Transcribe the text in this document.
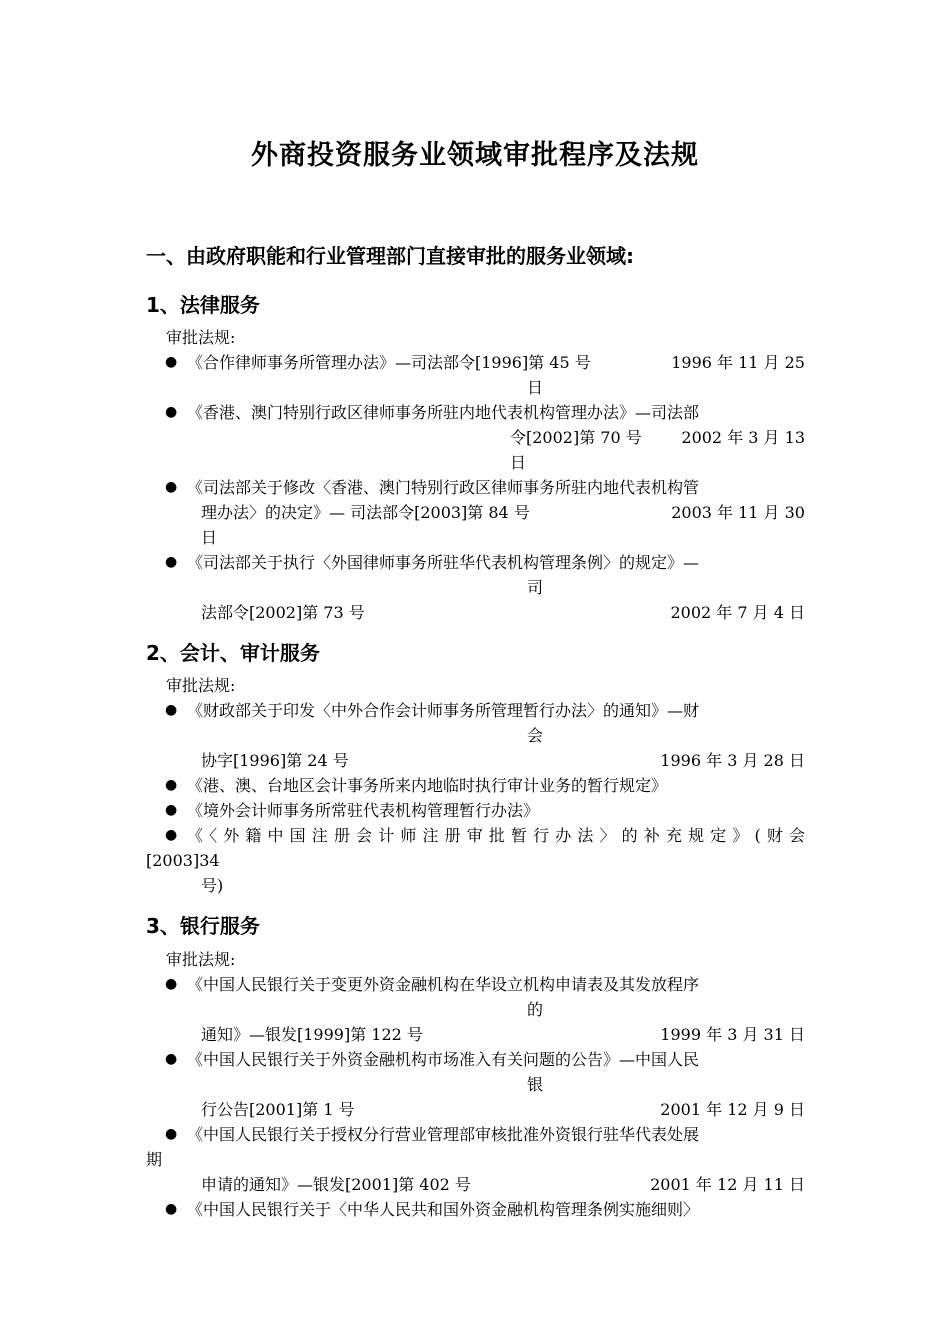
外商投资服务业领域审批程序及法规
一、由政府职能和行业管理部门直接审批的服务业领域:
1、法律服务
审批法规:
● 《合作律师事务所管理办法》—司法部令[1996]第 45 号	1996 年 11 月 25
日
● 《香港、澳门特别行政区律师事务所驻内地代表机构管理办法》—司法部
令[2002]第 70 号 2002 年 3 月 13
日
● 《司法部关于修改〈香港、澳门特别行政区律师事务所驻内地代表机构管
理办法〉的决定》— 司法部令[2003]第 84 号	2003 年 11 月 30
日
● 《司法部关于执行〈外国律师事务所驻华代表机构管理条例〉的规定》—
司
法部令[2002]第 73 号	2002 年 7 月 4 日
2、会计、审计服务
审批法规:
● 《财政部关于印发〈中外合作会计师事务所管理暂行办法〉的通知》—财
会
协字[1996]第 24 号	1996 年 3 月 28 日
● 《港、澳、台地区会计事务所来内地临时执行审计业务的暂行规定》
● 《境外会计师事务所常驻代表机构管理暂行办法》
● 《〈外籍中国注册会计师注册审批暂行办法〉的补充规定》(财会
[2003]34
号)
3、银行服务
审批法规:
● 《中国人民银行关于变更外资金融机构在华设立机构申请表及其发放程序
的
通知》—银发[1999]第 122 号	1999 年 3 月 31 日
● 《中国人民银行关于外资金融机构市场准入有关问题的公告》—中国人民
银
行公告[2001]第 1 号	2001 年 12 月 9 日
● 《中国人民银行关于授权分行营业管理部审核批准外资银行驻华代表处展
期
申请的通知》—银发[2001]第 402 号	2001 年 12 月 11 日
● 《中国人民银行关于〈中华人民共和国外资金融机构管理条例实施细则〉
